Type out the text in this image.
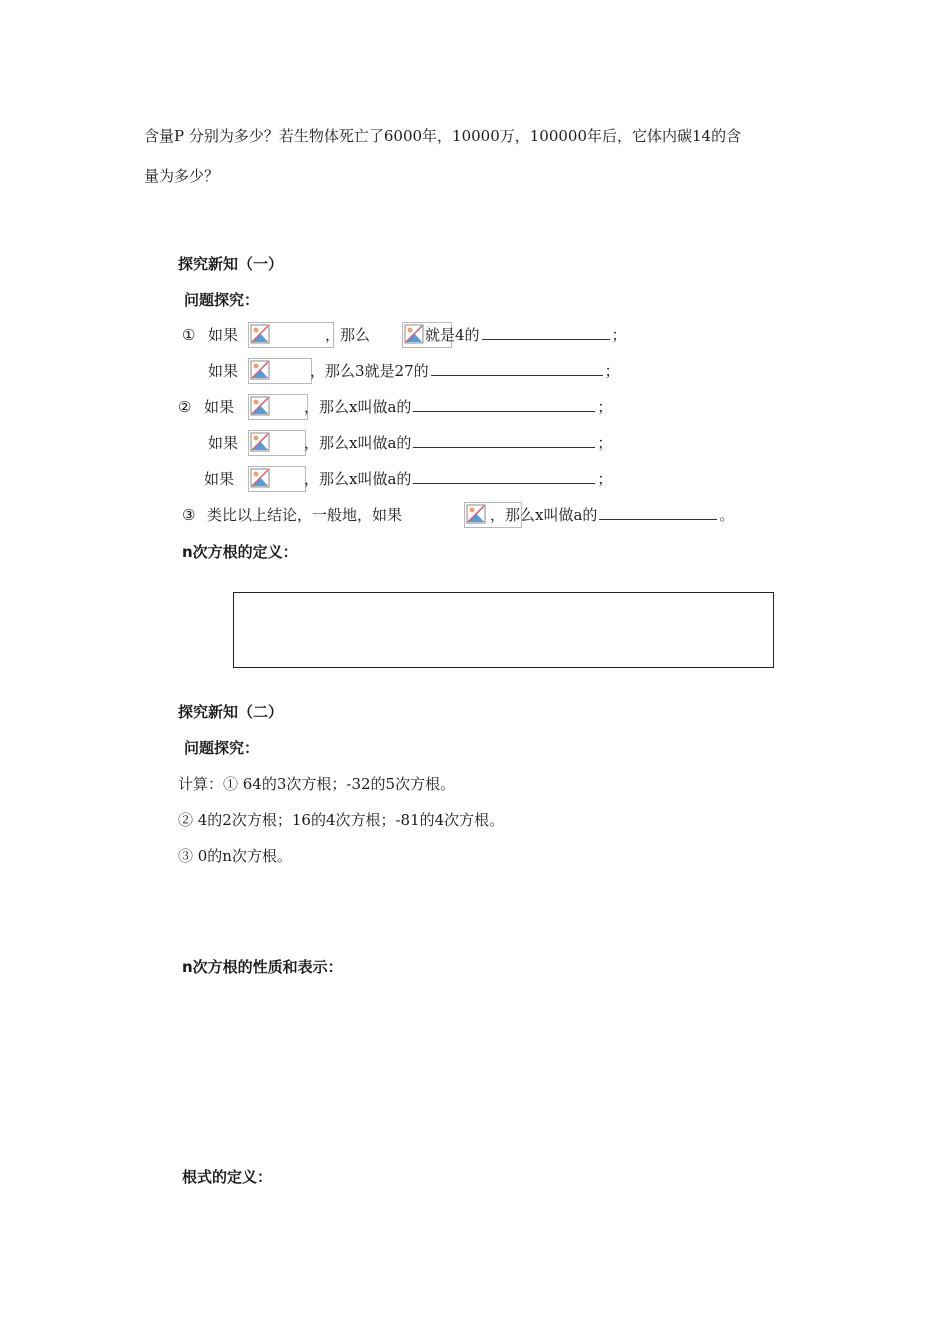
含量P 分别为多少？若生物体死亡了6000年，10000万，100000年后，它体内碳14的含
量为多少？
探究新知（一）
问题探究：
① 如果	，那么	就是4的	；
如果	，那么3就是27的	；
② 如果	，那么x叫做a的	；
如果	，那么x叫做a的	；
如果	，那么x叫做a的	；
③ 类比以上结论，一般地，如果	，那么x叫做a的	。
n次方根的定义：
探究新知（二）
问题探究：
计算：① 64的3次方根；-32的5次方根。
② 4的2次方根；16的4次方根；-81的4次方根。
③ 0的n次方根。
n次方根的性质和表示：
根式的定义：
